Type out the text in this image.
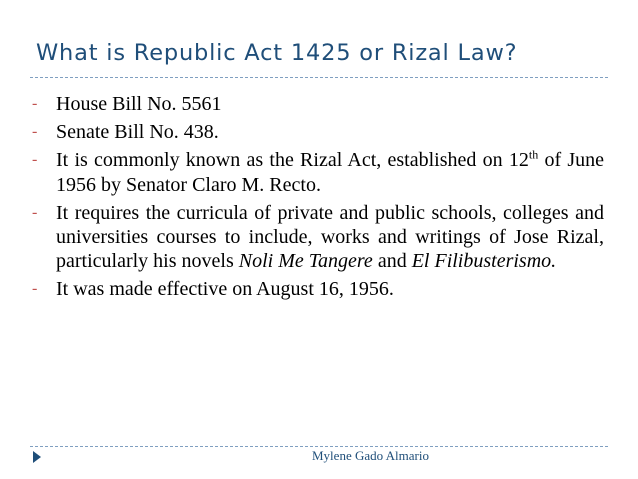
What is Republic Act 1425 or Rizal Law?
- House Bill No. 5561
- Senate Bill No. 438.
- It is commonly known as the Rizal Act, established on 12th of June 1956 by Senator Claro M. Recto.
- It requires the curricula of private and public schools, colleges and universities courses to include, works and writings of Jose Rizal, particularly his novels Noli Me Tangere and El Filibusterismo.
- It was made effective on August 16, 1956.
Mylene Gado Almario
